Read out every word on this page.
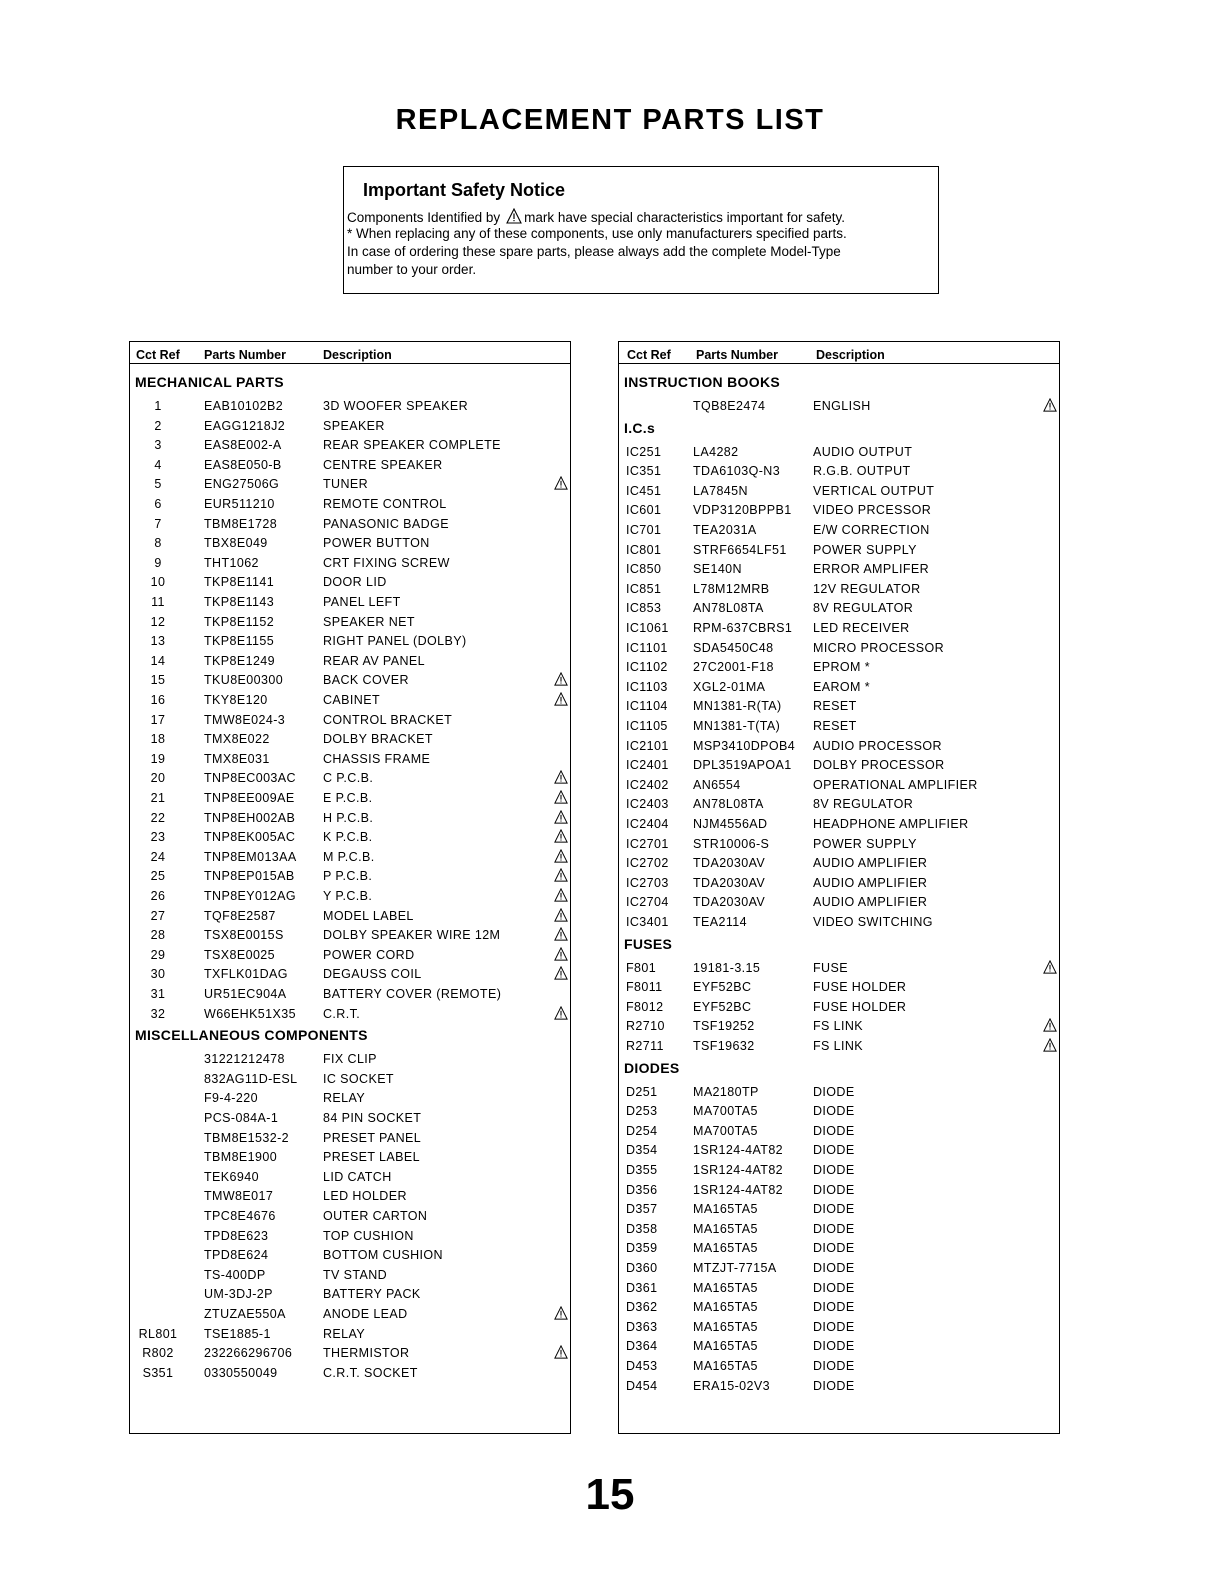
REPLACEMENT PARTS LIST
Important Safety Notice
Components Identified by mark have special characteristics important for safety.
* When replacing any of these components, use only manufacturers specified parts.
In case of ordering these spare parts, please always add the complete Model-Type
number to your order.
Cct Ref Parts Number	Description
MECHANICAL PARTS
1	EAB10102B2	3D WOOFER SPEAKER
2	EAGG1218J2	SPEAKER
3	EAS8E002-A	REAR SPEAKER COMPLETE
4	EAS8E050-B	CENTRE SPEAKER
5	ENG27506G	TUNER
6	EUR511210	REMOTE CONTROL
7	TBM8E1728	PANASONIC BADGE
8	TBX8E049	POWER BUTTON
9	THT1062	CRT FIXING SCREW
10	TKP8E1141	DOOR LID
11	TKP8E1143	PANEL LEFT
12	TKP8E1152	SPEAKER NET
13	TKP8E1155	RIGHT PANEL (DOLBY)
14	TKP8E1249	REAR AV PANEL
15	TKU8E00300	BACK COVER
16	TKY8E120	CABINET
17	TMW8E024-3	CONTROL BRACKET
18	TMX8E022	DOLBY BRACKET
19	TMX8E031	CHASSIS FRAME
20	TNP8EC003AC C P.C.B.
21	TNP8EE009AE E P.C.B.
22	TNP8EH002AB H P.C.B.
23	TNP8EK005AC K P.C.B.
24	TNP8EM013AA M P.C.B.
25	TNP8EP015AB P P.C.B.
26	TNP8EY012AG Y P.C.B.
27	TQF8E2587	MODEL LABEL
28	TSX8E0015S	DOLBY SPEAKER WIRE 12M
29	TSX8E0025	POWER CORD
30	TXFLK01DAG	DEGAUSS COIL
31	UR51EC904A	BATTERY COVER (REMOTE)
32	W66EHK51X35 C.R.T.
MISCELLANEOUS COMPONENTS
31221212478	FIX CLIP
832AG11D-ESL IC SOCKET
F9-4-220	RELAY
PCS-084A-1	84 PIN SOCKET
TBM8E1532-2	PRESET PANEL
TBM8E1900	PRESET LABEL
TEK6940	LID CATCH
TMW8E017	LED HOLDER
TPC8E4676	OUTER CARTON
TPD8E623	TOP CUSHION
TPD8E624	BOTTOM CUSHION
TS-400DP	TV STAND
UM-3DJ-2P	BATTERY PACK
ZTUZAE550A	ANODE LEAD
RL801 TSE1885-1	RELAY
R802	232266296706 THERMISTOR
S351	0330550049	C.R.T. SOCKET
Cct Ref Parts Number	Description
INSTRUCTION BOOKS
TQB8E2474	ENGLISH
I.C.s
IC251	LA4282	AUDIO OUTPUT
IC351	TDA6103Q-N3	R.G.B. OUTPUT
IC451	LA7845N	VERTICAL OUTPUT
IC601	VDP3120BPPB1 VIDEO PRCESSOR
IC701	TEA2031A	E/W CORRECTION
IC801	STRF6654LF51 POWER SUPPLY
IC850	SE140N	ERROR AMPLIFER
IC851	L78M12MRB	12V REGULATOR
IC853	AN78L08TA	8V REGULATOR
IC1061 RPM-637CBRS1 LED RECEIVER
IC1101 SDA5450C48	MICRO PROCESSOR
IC1102 27C2001-F18	EPROM *
IC1103 XGL2-01MA	EAROM *
IC1104 MN1381-R(TA)	RESET
IC1105 MN1381-T(TA)	RESET
IC2101 MSP3410DPOB4 AUDIO PROCESSOR
IC2401 DPL3519APOA1 DOLBY PROCESSOR
IC2402 AN6554	OPERATIONAL AMPLIFIER
IC2403 AN78L08TA	8V REGULATOR
IC2404 NJM4556AD	HEADPHONE AMPLIFIER
IC2701 STR10006-S	POWER SUPPLY
IC2702 TDA2030AV	AUDIO AMPLIFIER
IC2703 TDA2030AV	AUDIO AMPLIFIER
IC2704 TDA2030AV	AUDIO AMPLIFIER
IC3401 TEA2114	VIDEO SWITCHING
FUSES
F801	19181-3.15	FUSE
F8011 EYF52BC	FUSE HOLDER
F8012 EYF52BC	FUSE HOLDER
R2710 TSF19252	FS LINK
R2711 TSF19632	FS LINK
DIODES
D251	MA2180TP	DIODE
D253	MA700TA5	DIODE
D254	MA700TA5	DIODE
D354	1SR124-4AT82 DIODE
D355	1SR124-4AT82 DIODE
D356	1SR124-4AT82 DIODE
D357	MA165TA5	DIODE
D358	MA165TA5	DIODE
D359	MA165TA5	DIODE
D360	MTZJT-7715A	DIODE
D361	MA165TA5	DIODE
D362	MA165TA5	DIODE
D363	MA165TA5	DIODE
D364	MA165TA5	DIODE
D453	MA165TA5	DIODE
D454	ERA15-02V3	DIODE
15
